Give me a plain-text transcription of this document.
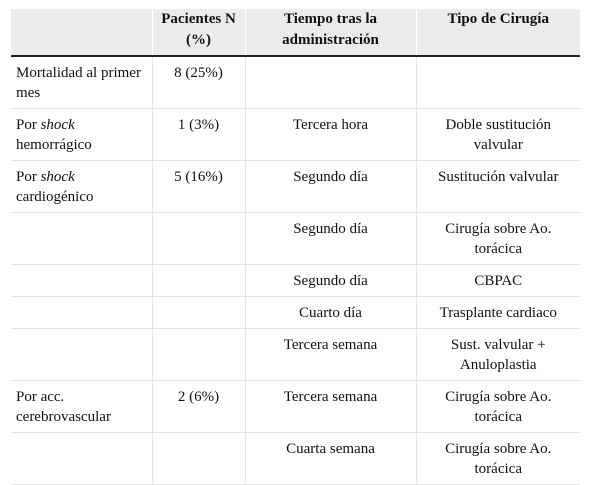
	Pacientes N (%)	Tiempo tras la administración	Tipo de Cirugía
Mortalidad al primer mes	8 (25%)		
Por shock hemorrágico	1 (3%)	Tercera hora	Doble sustitución valvular
Por shock cardiogénico	5 (16%)	Segundo día	Sustitución valvular
		Segundo día	Cirugía sobre Ao. torácica
		Segundo día	CBPAC
		Cuarto día	Trasplante cardiaco
		Tercera semana	Sust. valvular + Anuloplastia
Por acc. cerebrovascular	2 (6%)	Tercera semana	Cirugía sobre Ao. torácica
		Cuarta semana	Cirugía sobre Ao. torácica
